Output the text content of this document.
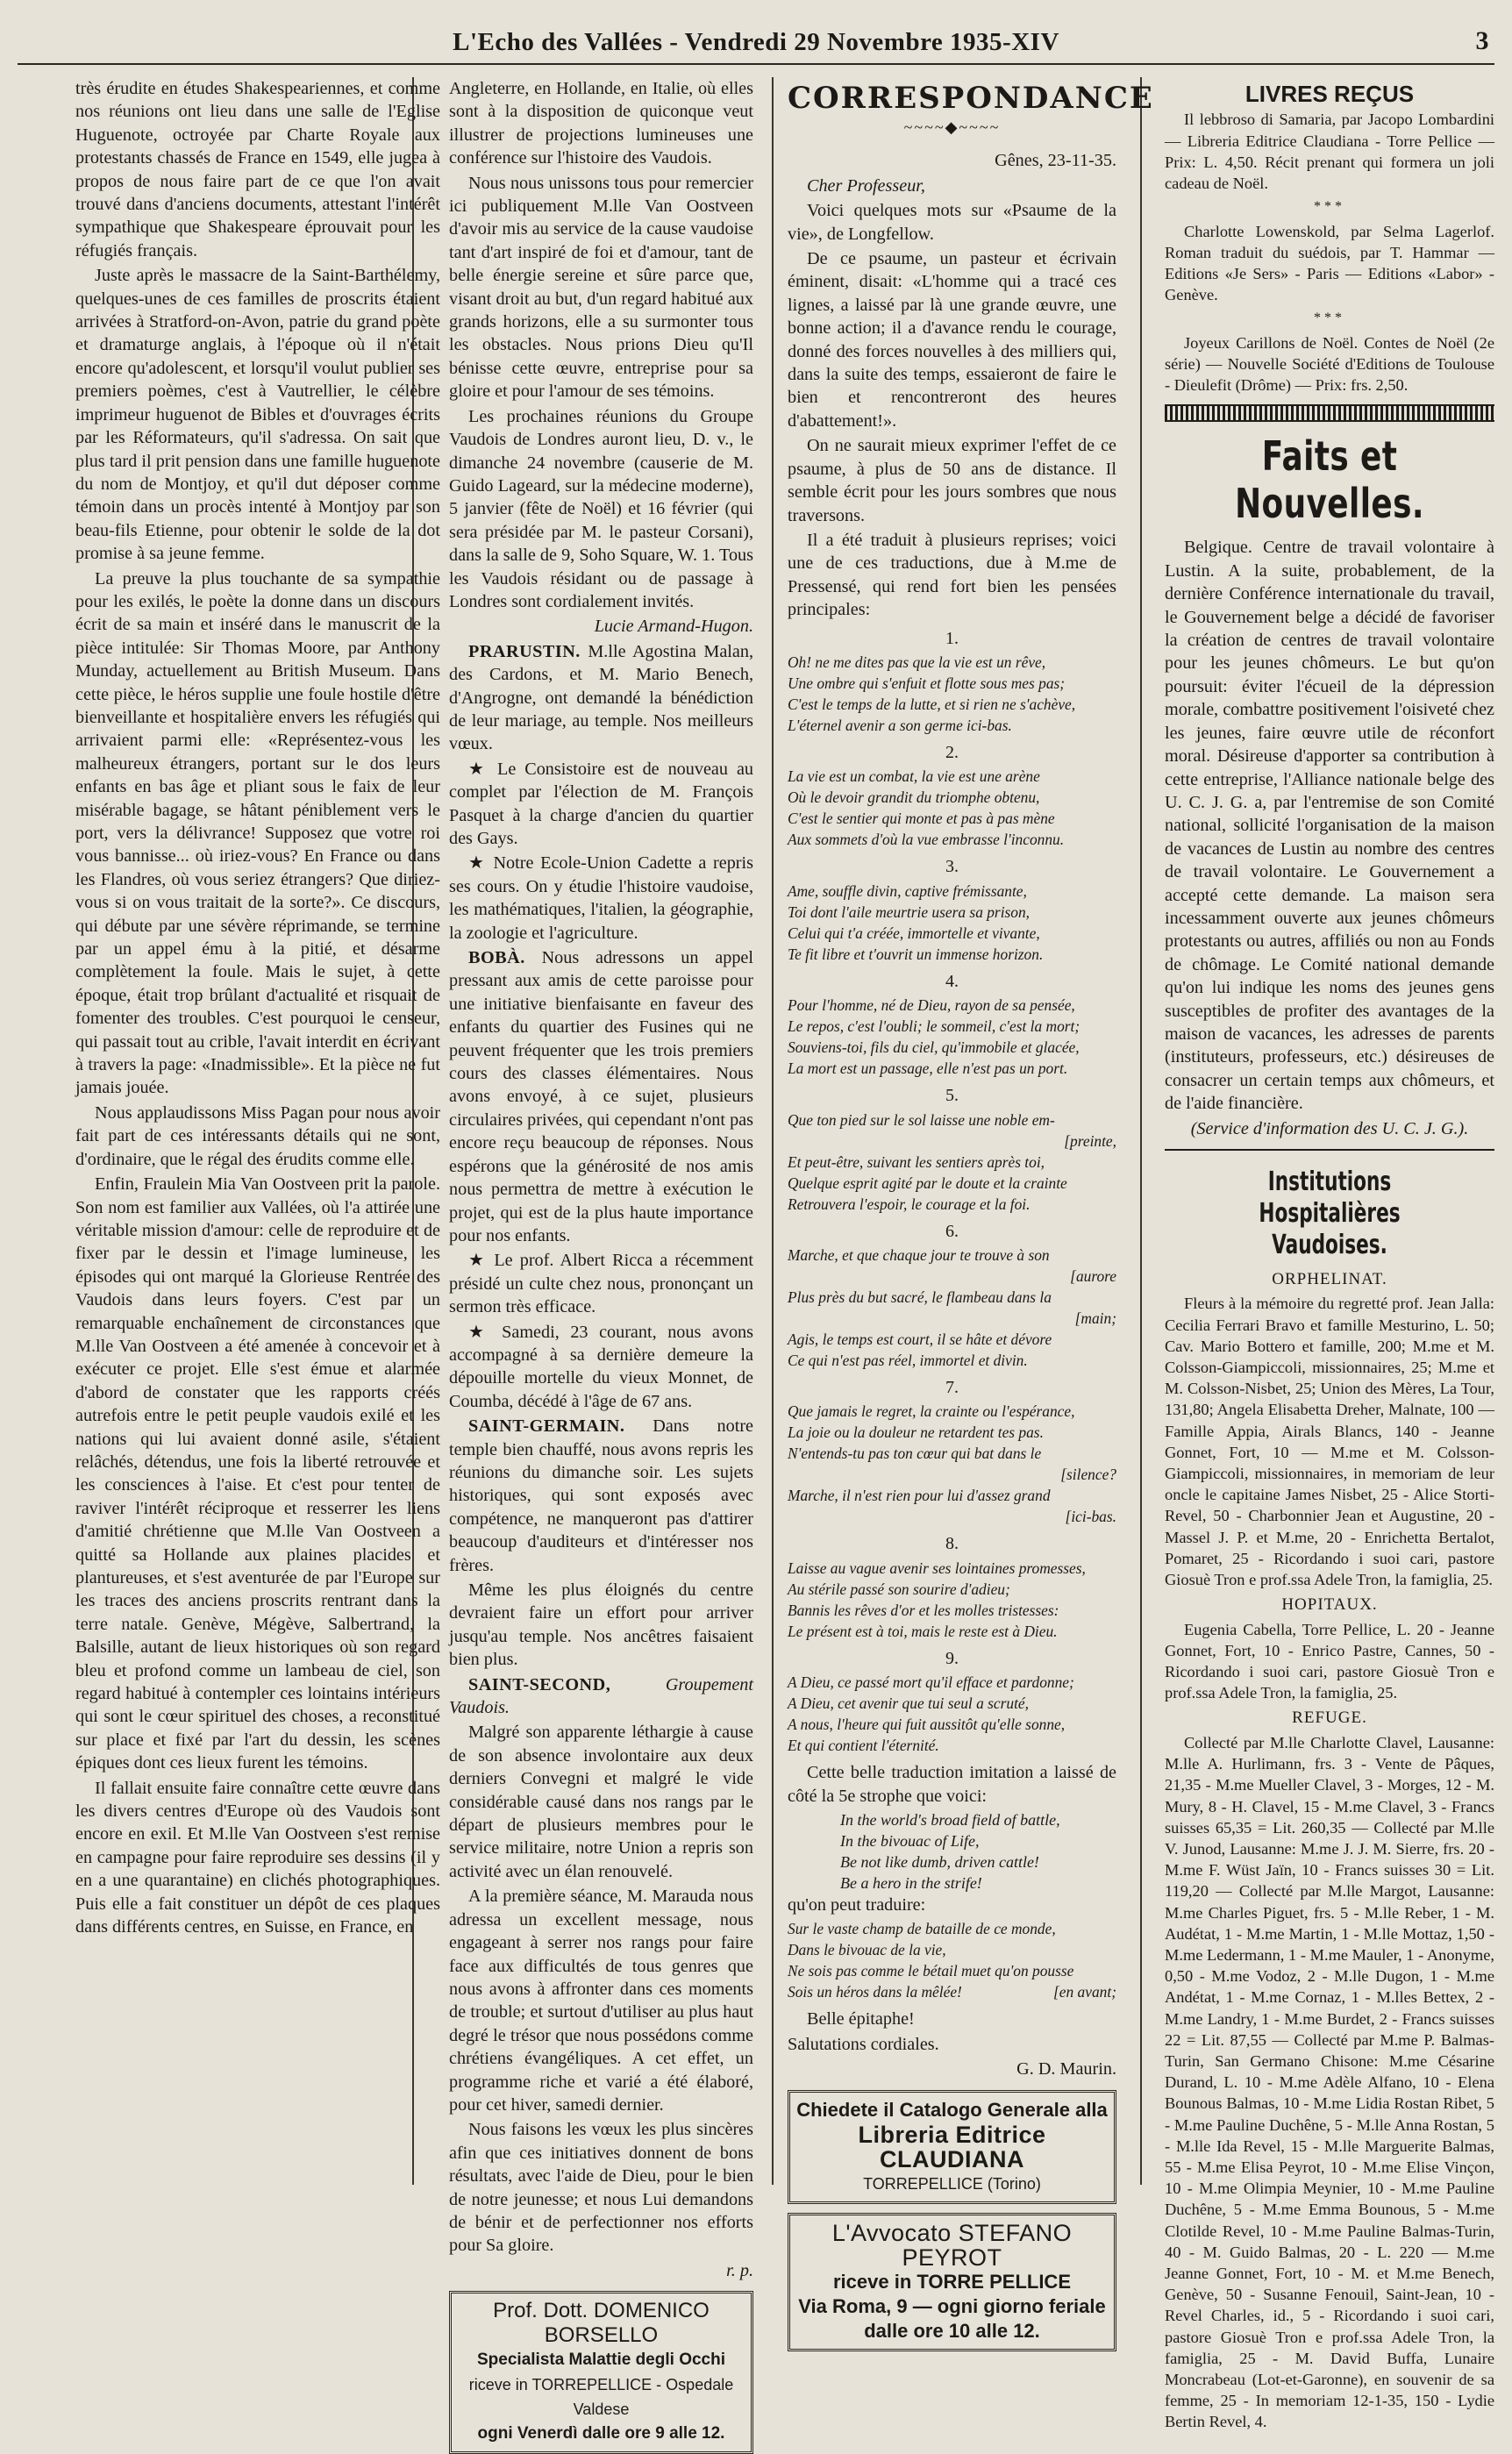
L'Echo des Vallées - Vendredi 29 Novembre 1935-XIV	3

très érudite en études Shakespeariennes, et comme nos réunions ont lieu dans une salle de l'Eglise Huguenote, octroyée par Charte Royale aux protestants chassés de France en 1549, elle jugea à propos de nous faire part de ce que l'on avait trouvé dans d'anciens documents, attestant l'intérêt sympathique que Shakespeare éprouvait pour les réfugiés français.

Juste après le massacre de la Saint-Barthélemy, quelques-unes de ces familles de proscrits étaient arrivées à Stratford-on-Avon, patrie du grand poète et dramaturge anglais, à l'époque où il n'était encore qu'adolescent, et lorsqu'il voulut publier ses premiers poèmes, c'est à Vautrellier, le célèbre imprimeur huguenot de Bibles et d'ouvrages écrits par les Réformateurs, qu'il s'adressa. On sait que plus tard il prit pension dans une famille huguenote du nom de Montjoy, et qu'il dut déposer comme témoin dans un procès intenté à Montjoy par son beau-fils Etienne, pour obtenir le solde de la dot promise à sa jeune femme.

La preuve la plus touchante de sa sympathie pour les exilés, le poète la donne dans un discours écrit de sa main et inséré dans le manuscrit de la pièce intitulée: Sir Thomas Moore, par Anthony Munday, actuellement au British Museum. Dans cette pièce, le héros supplie une foule hostile d'être bienveillante et hospitalière envers les réfugiés qui arrivaient parmi elle: «Représentez-vous les malheureux étrangers, portant sur le dos leurs enfants en bas âge et pliant sous le faix de leur misérable bagage, se hâtant péniblement vers le port, vers la délivrance! Supposez que votre roi vous bannisse... où iriez-vous? En France ou dans les Flandres, où vous seriez étrangers? Que diriez-vous si on vous traitait de la sorte?». Ce discours, qui débute par une sévère réprimande, se termine par un appel ému à la pitié, et désarme complètement la foule. Mais le sujet, à cette époque, était trop brûlant d'actualité et risquait de fomenter des troubles. C'est pourquoi le censeur, qui passait tout au crible, l'avait interdit en écrivant à travers la page: «Inadmissible». Et la pièce ne fut jamais jouée.

Nous applaudissons Miss Pagan pour nous avoir fait part de ces intéressants détails qui ne sont, d'ordinaire, que le régal des érudits comme elle.

Enfin, Fraulein Mia Van Oostveen prit la parole. Son nom est familier aux Vallées, où l'a attirée une véritable mission d'amour: celle de reproduire et de fixer par le dessin et l'image lumineuse, les épisodes qui ont marqué la Glorieuse Rentrée des Vaudois dans leurs foyers. C'est par un remarquable enchaînement de circonstances que M.lle Van Oostveen a été amenée à concevoir et à exécuter ce projet. Elle s'est émue et alarmée d'abord de constater que les rapports créés autrefois entre le petit peuple vaudois exilé et les nations qui lui avaient donné asile, s'étaient relâchés, détendus, une fois la liberté retrouvée et les consciences à l'aise. Et c'est pour tenter de raviver l'intérêt réciproque et resserrer les liens d'amitié chrétienne que M.lle Van Oostveen a quitté sa Hollande aux plaines placides et plantureuses, et s'est aventurée de par l'Europe sur les traces des anciens proscrits rentrant dans la terre natale. Genève, Mégève, Salbertrand, la Balsille, autant de lieux historiques où son regard bleu et profond comme un lambeau de ciel, son regard habitué à contempler ces lointains intérieurs qui sont le cœur spirituel des choses, a reconstitué sur place et fixé par l'art du dessin, les scènes épiques dont ces lieux furent les témoins.

Il fallait ensuite faire connaître cette œuvre dans les divers centres d'Europe où des Vaudois sont encore en exil. Et M.lle Van Oostveen s'est remise en campagne pour faire reproduire ses dessins (il y en a une quarantaine) en clichés photographiques. Puis elle a fait constituer un dépôt de ces plaques dans différents centres, en Suisse, en France, en

Angleterre, en Hollande, en Italie, où elles sont à la disposition de quiconque veut illustrer de projections lumineuses une conférence sur l'histoire des Vaudois.

Nous nous unissons tous pour remercier ici publiquement M.lle Van Oostveen d'avoir mis au service de la cause vaudoise tant d'art inspiré de foi et d'amour, tant de belle énergie sereine et sûre parce que, visant droit au but, d'un regard habitué aux grands horizons, elle a su surmonter tous les obstacles. Nous prions Dieu qu'Il bénisse cette œuvre, entreprise pour sa gloire et pour l'amour de ses témoins.

Les prochaines réunions du Groupe Vaudois de Londres auront lieu, D. v., le dimanche 24 novembre (causerie de M. Guido Lageard, sur la médecine moderne), 5 janvier (fête de Noël) et 16 février (qui sera présidée par M. le pasteur Corsani), dans la salle de 9, Soho Square, W. 1. Tous les Vaudois résidant ou de passage à Londres sont cordialement invités.

Lucie Armand-Hugon.

PRARUSTIN. M.lle Agostina Malan, des Cardons, et M. Mario Benech, d'Angrogne, ont demandé la bénédiction de leur mariage, au temple. Nos meilleurs vœux.

★ Le Consistoire est de nouveau au complet par l'élection de M. François Pasquet à la charge d'ancien du quartier des Gays.

★ Notre Ecole-Union Cadette a repris ses cours. On y étudie l'histoire vaudoise, les mathématiques, l'italien, la géographie, la zoologie et l'agriculture.

BOBÀ. Nous adressons un appel pressant aux amis de cette paroisse pour une initiative bienfaisante en faveur des enfants du quartier des Fusines qui ne peuvent fréquenter que les trois premiers cours des classes élémentaires. Nous avons envoyé, à ce sujet, plusieurs circulaires privées, qui cependant n'ont pas encore reçu beaucoup de réponses. Nous espérons que la générosité de nos amis nous permettra de mettre à exécution le projet, qui est de la plus haute importance pour nos enfants.

★ Le prof. Albert Ricca a récemment présidé un culte chez nous, prononçant un sermon très efficace.

★ Samedi, 23 courant, nous avons accompagné à sa dernière demeure la dépouille mortelle du vieux Monnet, de Coumba, décédé à l'âge de 67 ans.

SAINT-GERMAIN. Dans notre temple bien chauffé, nous avons repris les réunions du dimanche soir. Les sujets historiques, qui sont exposés avec compétence, ne manqueront pas d'attirer beaucoup d'auditeurs et d'intéresser nos frères.

Même les plus éloignés du centre devraient faire un effort pour arriver jusqu'au temple. Nos ancêtres faisaient bien plus.

SAINT-SECOND,	Groupement Vaudois.

Malgré son apparente léthargie à cause de son absence involontaire aux deux derniers Convegni et malgré le vide considérable causé dans nos rangs par le départ de plusieurs membres pour le service militaire, notre Union a repris son activité avec un élan renouvelé.

A la première séance, M. Marauda nous adressa un excellent message, nous engageant à serrer nos rangs pour faire face aux difficultés de tous genres que nous avons à affronter dans ces moments de trouble; et surtout d'utiliser au plus haut degré le trésor que nous possédons comme chrétiens évangéliques. A cet effet, un programme riche et varié a été élaboré, pour cet hiver, samedi dernier.

Nous faisons les vœux les plus sincères afin que ces initiatives donnent de bons résultats, avec l'aide de Dieu, pour le bien de notre jeunesse; et nous Lui demandons de bénir et de perfectionner nos efforts pour Sa gloire.

r. p.

Prof. Dott. DOMENICO BORSELLO
Specialista Malattie degli Occhi
riceve in TORREPELLICE - Ospedale Valdese
ogni Venerdì dalle ore 9 alle 12.
CORRESPONDANCE
~~~~◆~~~~

Gênes, 23-11-35.

Cher Professeur,

Voici quelques mots sur «Psaume de la vie», de Longfellow.

De ce psaume, un pasteur et écrivain éminent, disait: «L'homme qui a tracé ces lignes, a laissé par là une grande œuvre, une bonne action; il a d'avance rendu le courage, donné des forces nouvelles à des milliers qui, dans la suite des temps, essaieront de faire le bien et rencontreront des heures d'abattement!».

On ne saurait mieux exprimer l'effet de ce psaume, à plus de 50 ans de distance. Il semble écrit pour les jours sombres que nous traversons.

Il a été traduit à plusieurs reprises; voici une de ces traductions, due à M.me de Pressensé, qui rend fort bien les pensées principales:

1.
Oh! ne me dites pas que la vie est un rêve,
Une ombre qui s'enfuit et flotte sous mes pas;
C'est le temps de la lutte, et si rien ne s'achève,
L'éternel avenir a son germe ici-bas.
2.
La vie est un combat, la vie est une arène
Où le devoir grandit du triomphe obtenu,
C'est le sentier qui monte et pas à pas mène
Aux sommets d'où la vue embrasse l'inconnu.
3.
Ame, souffle divin, captive frémissante,
Toi dont l'aile meurtrie usera sa prison,
Celui qui t'a créée, immortelle et vivante,
Te fit libre et t'ouvrit un immense horizon.
4.
Pour l'homme, né de Dieu, rayon de sa pensée,
Le repos, c'est l'oubli; le sommeil, c'est la mort;
Souviens-toi, fils du ciel, qu'immobile et glacée,
La mort est un passage, elle n'est pas un port.
5.
Que ton pied sur le sol laisse une noble em-
[preinte,
Et peut-être, suivant les sentiers après toi,
Quelque esprit agité par le doute et la crainte
Retrouvera l'espoir, le courage et la foi.
6.
Marche, et que chaque jour te trouve à son
[aurore
Plus près du but sacré, le flambeau dans la
[main;
Agis, le temps est court, il se hâte et dévore
Ce qui n'est pas réel, immortel et divin.
7.
Que jamais le regret, la crainte ou l'espérance,
La joie ou la douleur ne retardent tes pas.
N'entends-tu pas ton cœur qui bat dans le
[silence?
Marche, il n'est rien pour lui d'assez grand
[ici-bas.
8.
Laisse au vague avenir ses lointaines promesses,
Au stérile passé son sourire d'adieu;
Bannis les rêves d'or et les molles tristesses:
Le présent est à toi, mais le reste est à Dieu.
9.
A Dieu, ce passé mort qu'il efface et pardonne;
A Dieu, cet avenir que tui seul a scruté,
A nous, l'heure qui fuit aussitôt qu'elle sonne,
Et qui contient l'éternité.

Cette belle traduction imitation a laissé de côté la 5e strophe que voici:

In the world's broad field of battle,
In the bivouac of Life,
Be not like dumb, driven cattle!
Be a hero in the strife!

qu'on peut traduire:

Sur le vaste champ de bataille de ce monde,
Dans le bivouac de la vie,
Ne sois pas comme le bétail muet qu'on pousse
Sois un héros dans la mêlée!	[en avant;

Belle épitaphe!

Salutations cordiales.

G. D. Maurin.

Chiedete il Catalogo Generale alla
Libreria Editrice CLAUDIANA
TORREPELLICE (Torino)
L'Avvocato STEFANO PEYROT
riceve in TORRE PELLICE
Via Roma, 9 — ogni giorno feriale
dalle ore 10 alle 12.
LIVRES REÇUS

Il lebbroso di Samaria, par Jacopo Lombardini — Libreria Editrice Claudiana - Torre Pellice — Prix: L. 4,50. Récit prenant qui formera un joli cadeau de Noël.

***

Charlotte Lowenskold, par Selma Lagerlof. Roman traduit du suédois, par T. Hammar — Editions «Je Sers» - Paris — Editions «Labor» - Genève.

***

Joyeux Carillons de Noël. Contes de Noël (2e série) — Nouvelle Société d'Editions de Toulouse - Dieulefit (Drôme) — Prix: frs. 2,50.

Faits et Nouvelles.

Belgique. Centre de travail volontaire à Lustin. A la suite, probablement, de la dernière Conférence internationale du travail, le Gouvernement belge a décidé de favoriser la création de centres de travail volontaire pour les jeunes chômeurs. Le but qu'on poursuit: éviter l'écueil de la dépression morale, combattre positivement l'oisiveté chez les jeunes, faire œuvre utile de réconfort moral. Désireuse d'apporter sa contribution à cette entreprise, l'Alliance nationale belge des U. C. J. G. a, par l'entremise de son Comité national, sollicité l'organisation de la maison de vacances de Lustin au nombre des centres de travail volontaire. Le Gouvernement a accepté cette demande. La maison sera incessamment ouverte aux jeunes chômeurs protestants ou autres, affiliés ou non au Fonds de chômage. Le Comité national demande qu'on lui indique les noms des jeunes gens susceptibles de profiter des avantages de la maison de vacances, les adresses de parents (instituteurs, professeurs, etc.) désireuses de consacrer un certain temps aux chômeurs, et de l'aide financière.

(Service d'information des U. C. J. G.).

Institutions Hospitalières Vaudoises.

ORPHELINAT.

Fleurs à la mémoire du regretté prof. Jean Jalla: Cecilia Ferrari Bravo et famille Mesturino, L. 50; Cav. Mario Bottero et famille, 200; M.me et M. Colsson-Giampiccoli, missionnaires, 25; M.me et M. Colsson-Nisbet, 25; Union des Mères, La Tour, 131,80; Angela Elisabetta Dreher, Malnate, 100 — Famille Appia, Airals Blancs, 140 - Jeanne Gonnet, Fort, 10 — M.me et M. Colsson-Giampiccoli, missionnaires, in memoriam de leur oncle le capitaine James Nisbet, 25 - Alice Storti-Revel, 50 - Charbonnier Jean et Augustine, 20 - Massel J. P. et M.me, 20 - Enrichetta Bertalot, Pomaret, 25 - Ricordando i suoi cari, pastore Giosuè Tron e prof.ssa Adele Tron, la famiglia, 25.

HOPITAUX.

Eugenia Cabella, Torre Pellice, L. 20 - Jeanne Gonnet, Fort, 10 - Enrico Pastre, Cannes, 50 - Ricordando i suoi cari, pastore Giosuè Tron e prof.ssa Adele Tron, la famiglia, 25.

REFUGE.

Collecté par M.lle Charlotte Clavel, Lausanne: M.lle A. Hurlimann, frs. 3 - Vente de Pâques, 21,35 - M.me Mueller Clavel, 3 - Morges, 12 - M. Mury, 8 - H. Clavel, 15 - M.me Clavel, 3 - Francs suisses 65,35 = Lit. 260,35 — Collecté par M.lle V. Junod, Lausanne: M.me J. J. M. Sierre, frs. 20 - M.me F. Wüst Jaïn, 10 - Francs suisses 30 = Lit. 119,20 — Collecté par M.lle Margot, Lausanne: M.me Charles Piguet, frs. 5 - M.lle Reber, 1 - M. Audétat, 1 - M.me Martin, 1 - M.lle Mottaz, 1,50 - M.me Ledermann, 1 - M.me Mauler, 1 - Anonyme, 0,50 - M.me Vodoz, 2 - M.lle Dugon, 1 - M.me Andétat, 1 - M.me Cornaz, 1 - M.lles Bettex, 2 - M.me Landry, 1 - M.me Burdet, 2 - Francs suisses 22 = Lit. 87,55 — Collecté par M.me P. Balmas-Turin, San Germano Chisone: M.me Césarine Durand, L. 10 - M.me Adèle Alfano, 10 - Elena Bounous Balmas, 10 - M.me Lidia Rostan Ribet, 5 - M.me Pauline Duchêne, 5 - M.lle Anna Rostan, 5 - M.lle Ida Revel, 15 - M.lle Marguerite Balmas, 55 - M.me Elisa Peyrot, 10 - M.me Elise Vinçon, 10 - M.me Olimpia Meynier, 10 - M.me Pauline Duchêne, 5 - M.me Emma Bounous, 5 - M.me Clotilde Revel, 10 - M.me Pauline Balmas-Turin, 40 - M. Guido Balmas, 20 - L. 220 — M.me Jeanne Gonnet, Fort, 10 - M. et M.me Benech, Genève, 50 - Susanne Fenouil, Saint-Jean, 10 - Revel Charles, id., 5 - Ricordando i suoi cari, pastore Giosuè Tron e prof.ssa Adele Tron, la famiglia, 25 - M. David Buffa, Lunaire Moncrabeau (Lot-et-Garonne), en souvenir de sa femme, 25 - In memoriam 12-1-35, 150 - Lydie Bertin Revel, 4.
